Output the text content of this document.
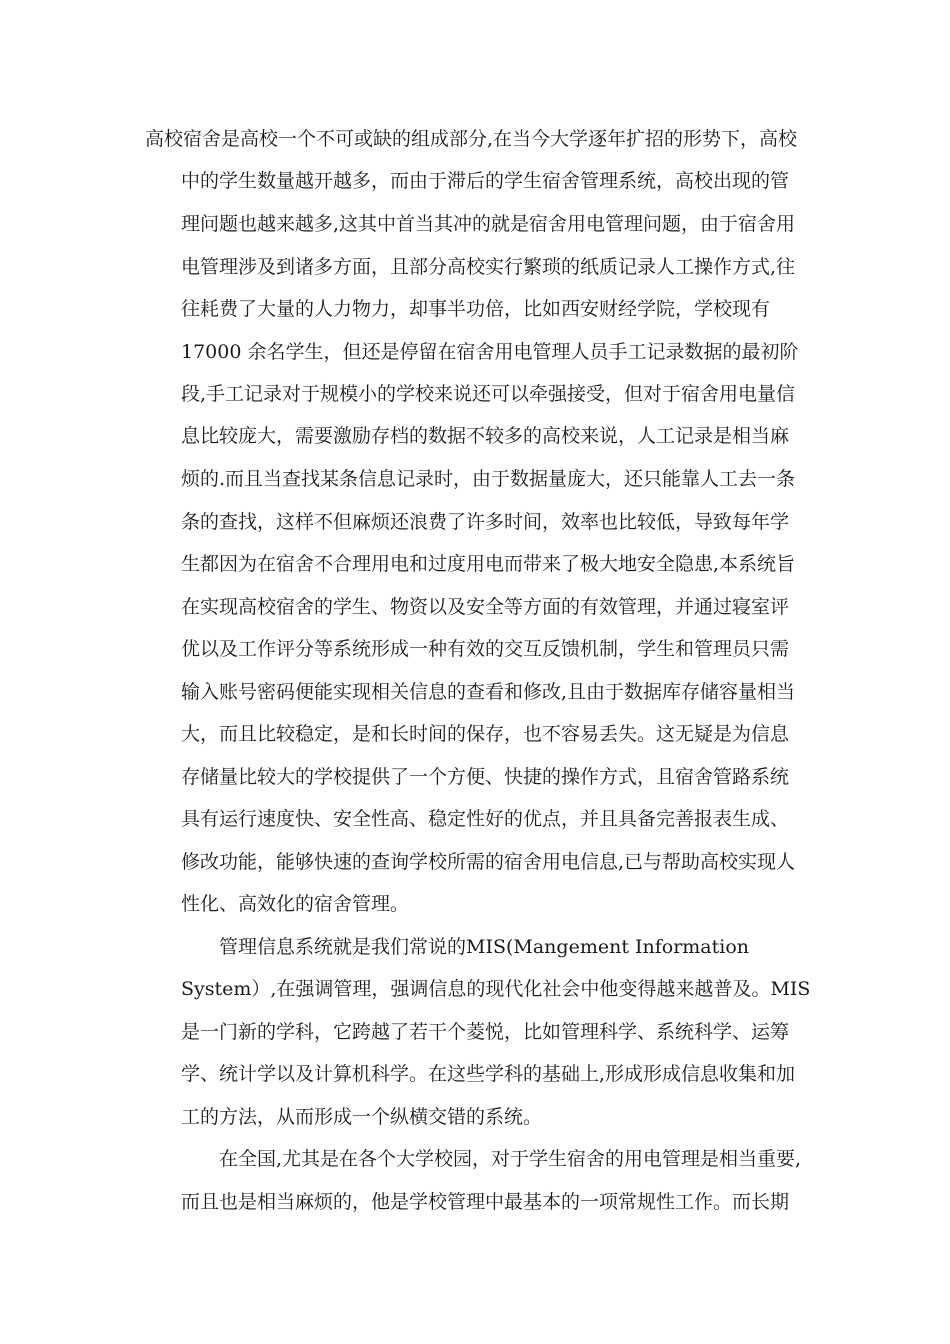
高校宿舍是高校一个不可或缺的组成部分,在当今大学逐年扩招的形势下，高校
中的学生数量越开越多，而由于滞后的学生宿舍管理系统，高校出现的管
理问题也越来越多,这其中首当其冲的就是宿舍用电管理问题，由于宿舍用
电管理涉及到诸多方面，且部分高校实行繁琐的纸质记录人工操作方式,往
往耗费了大量的人力物力，却事半功倍，比如西安财经学院，学校现有
17000 余名学生，但还是停留在宿舍用电管理人员手工记录数据的最初阶
段,手工记录对于规模小的学校来说还可以牵强接受，但对于宿舍用电量信
息比较庞大，需要激励存档的数据不较多的高校来说，人工记录是相当麻
烦的.而且当查找某条信息记录时，由于数据量庞大，还只能靠人工去一条
条的查找，这样不但麻烦还浪费了许多时间，效率也比较低，导致每年学
生都因为在宿舍不合理用电和过度用电而带来了极大地安全隐患,本系统旨
在实现高校宿舍的学生、物资以及安全等方面的有效管理，并通过寝室评
优以及工作评分等系统形成一种有效的交互反馈机制，学生和管理员只需
输入账号密码便能实现相关信息的查看和修改,且由于数据库存储容量相当
大，而且比较稳定，是和长时间的保存，也不容易丢失。这无疑是为信息
存储量比较大的学校提供了一个方便、快捷的操作方式，且宿舍管路系统
具有运行速度快、安全性高、稳定性好的优点，并且具备完善报表生成、
修改功能，能够快速的查询学校所需的宿舍用电信息,已与帮助高校实现人
性化、高效化的宿舍管理。
管理信息系统就是我们常说的MIS(Mangement Information
System）,在强调管理，强调信息的现代化社会中他变得越来越普及。MIS
是一门新的学科，它跨越了若干个菱悦，比如管理科学、系统科学、运筹
学、统计学以及计算机科学。在这些学科的基础上,形成形成信息收集和加
工的方法，从而形成一个纵横交错的系统。
在全国,尤其是在各个大学校园，对于学生宿舍的用电管理是相当重要,
而且也是相当麻烦的，他是学校管理中最基本的一项常规性工作。而长期
